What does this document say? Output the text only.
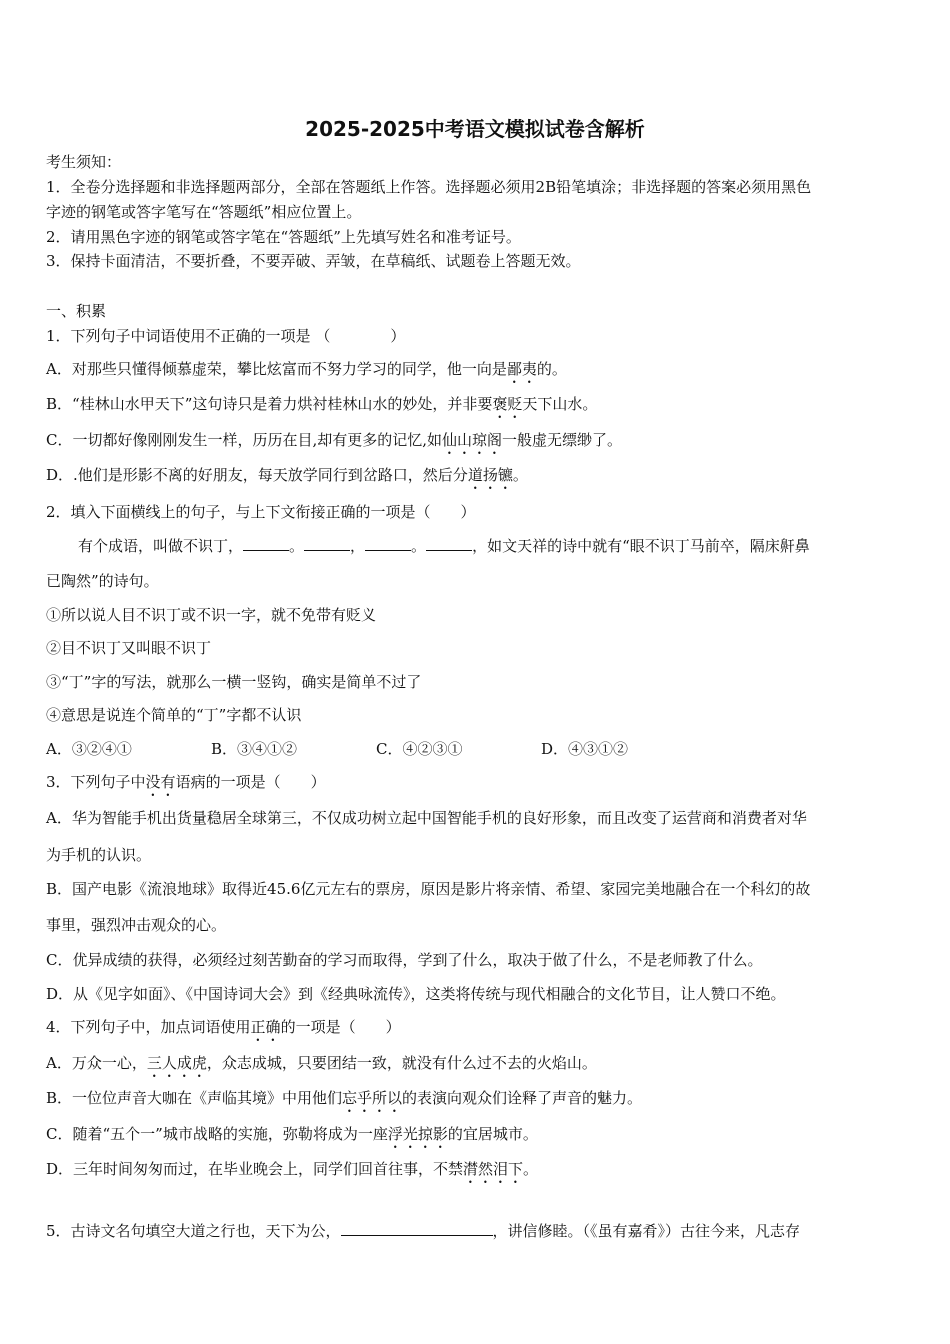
2025-2025中考语文模拟试卷含解析
考生须知：
1．全卷分选择题和非选择题两部分，全部在答题纸上作答。选择题必须用2B铅笔填涂；非选择题的答案必须用黑色
字迹的钢笔或答字笔写在“答题纸”相应位置上。
2．请用黑色字迹的钢笔或答字笔在“答题纸”上先填写姓名和准考证号。
3．保持卡面清洁，不要折叠，不要弄破、弄皱，在草稿纸、试题卷上答题无效。
一、积累
1．下列句子中词语使用不正确的一项是 （　　　　）
A．对那些只懂得倾慕虚荣，攀比炫富而不努力学习的同学，他一向是鄙夷的。
B．“桂林山水甲天下”这句诗只是着力烘衬桂林山水的妙处，并非要褒贬天下山水。
C．一切都好像刚刚发生一样，历历在目,却有更多的记忆,如仙山琼阁一般虚无缥缈了。
D．.他们是形影不离的好朋友，每天放学同行到岔路口，然后分道扬镳。
2．填入下面横线上的句子，与上下文衔接正确的一项是（　　）
有个成语，叫做不识丁，	。	，	。	，如文天祥的诗中就有“眼不识丁马前卒，隔床鼾鼻
已陶然”的诗句。
①所以说人目不识丁或不识一字，就不免带有贬义
②目不识丁又叫眼不识丁
③“丁”字的写法，就那么一横一竖钩，确实是简单不过了
④意思是说连个简单的“丁”字都不认识
A．③②④①	B．③④①②	C．④②③①	D．④③①②
3．下列句子中没有语病的一项是（　　）
A．华为智能手机出货量稳居全球第三，不仅成功树立起中国智能手机的良好形象，而且改变了运营商和消费者对华
为手机的认识。
B．国产电影《流浪地球》取得近45.6亿元左右的票房，原因是影片将亲情、希望、家园完美地融合在一个科幻的故
事里，强烈冲击观众的心。
C．优异成绩的获得，必须经过刻苦勤奋的学习而取得，学到了什么，取决于做了什么，不是老师教了什么。
D．从《见字如面》、《中国诗词大会》到《经典咏流传》，这类将传统与现代相融合的文化节目，让人赞口不绝。
4．下列句子中，加点词语使用正确的一项是（　　）
A．万众一心，三人成虎，众志成城，只要团结一致，就没有什么过不去的火焰山。
B．一位位声音大咖在《声临其境》中用他们忘乎所以的表演向观众们诠释了声音的魅力。
C．随着“五个一”城市战略的实施，弥勒将成为一座浮光掠影的宜居城市。
D．三年时间匆匆而过，在毕业晚会上，同学们回首往事，不禁潸然泪下。
5．古诗文名句填空大道之行也，天下为公，	，讲信修睦。（《虽有嘉肴》）古往今来，凡志存
